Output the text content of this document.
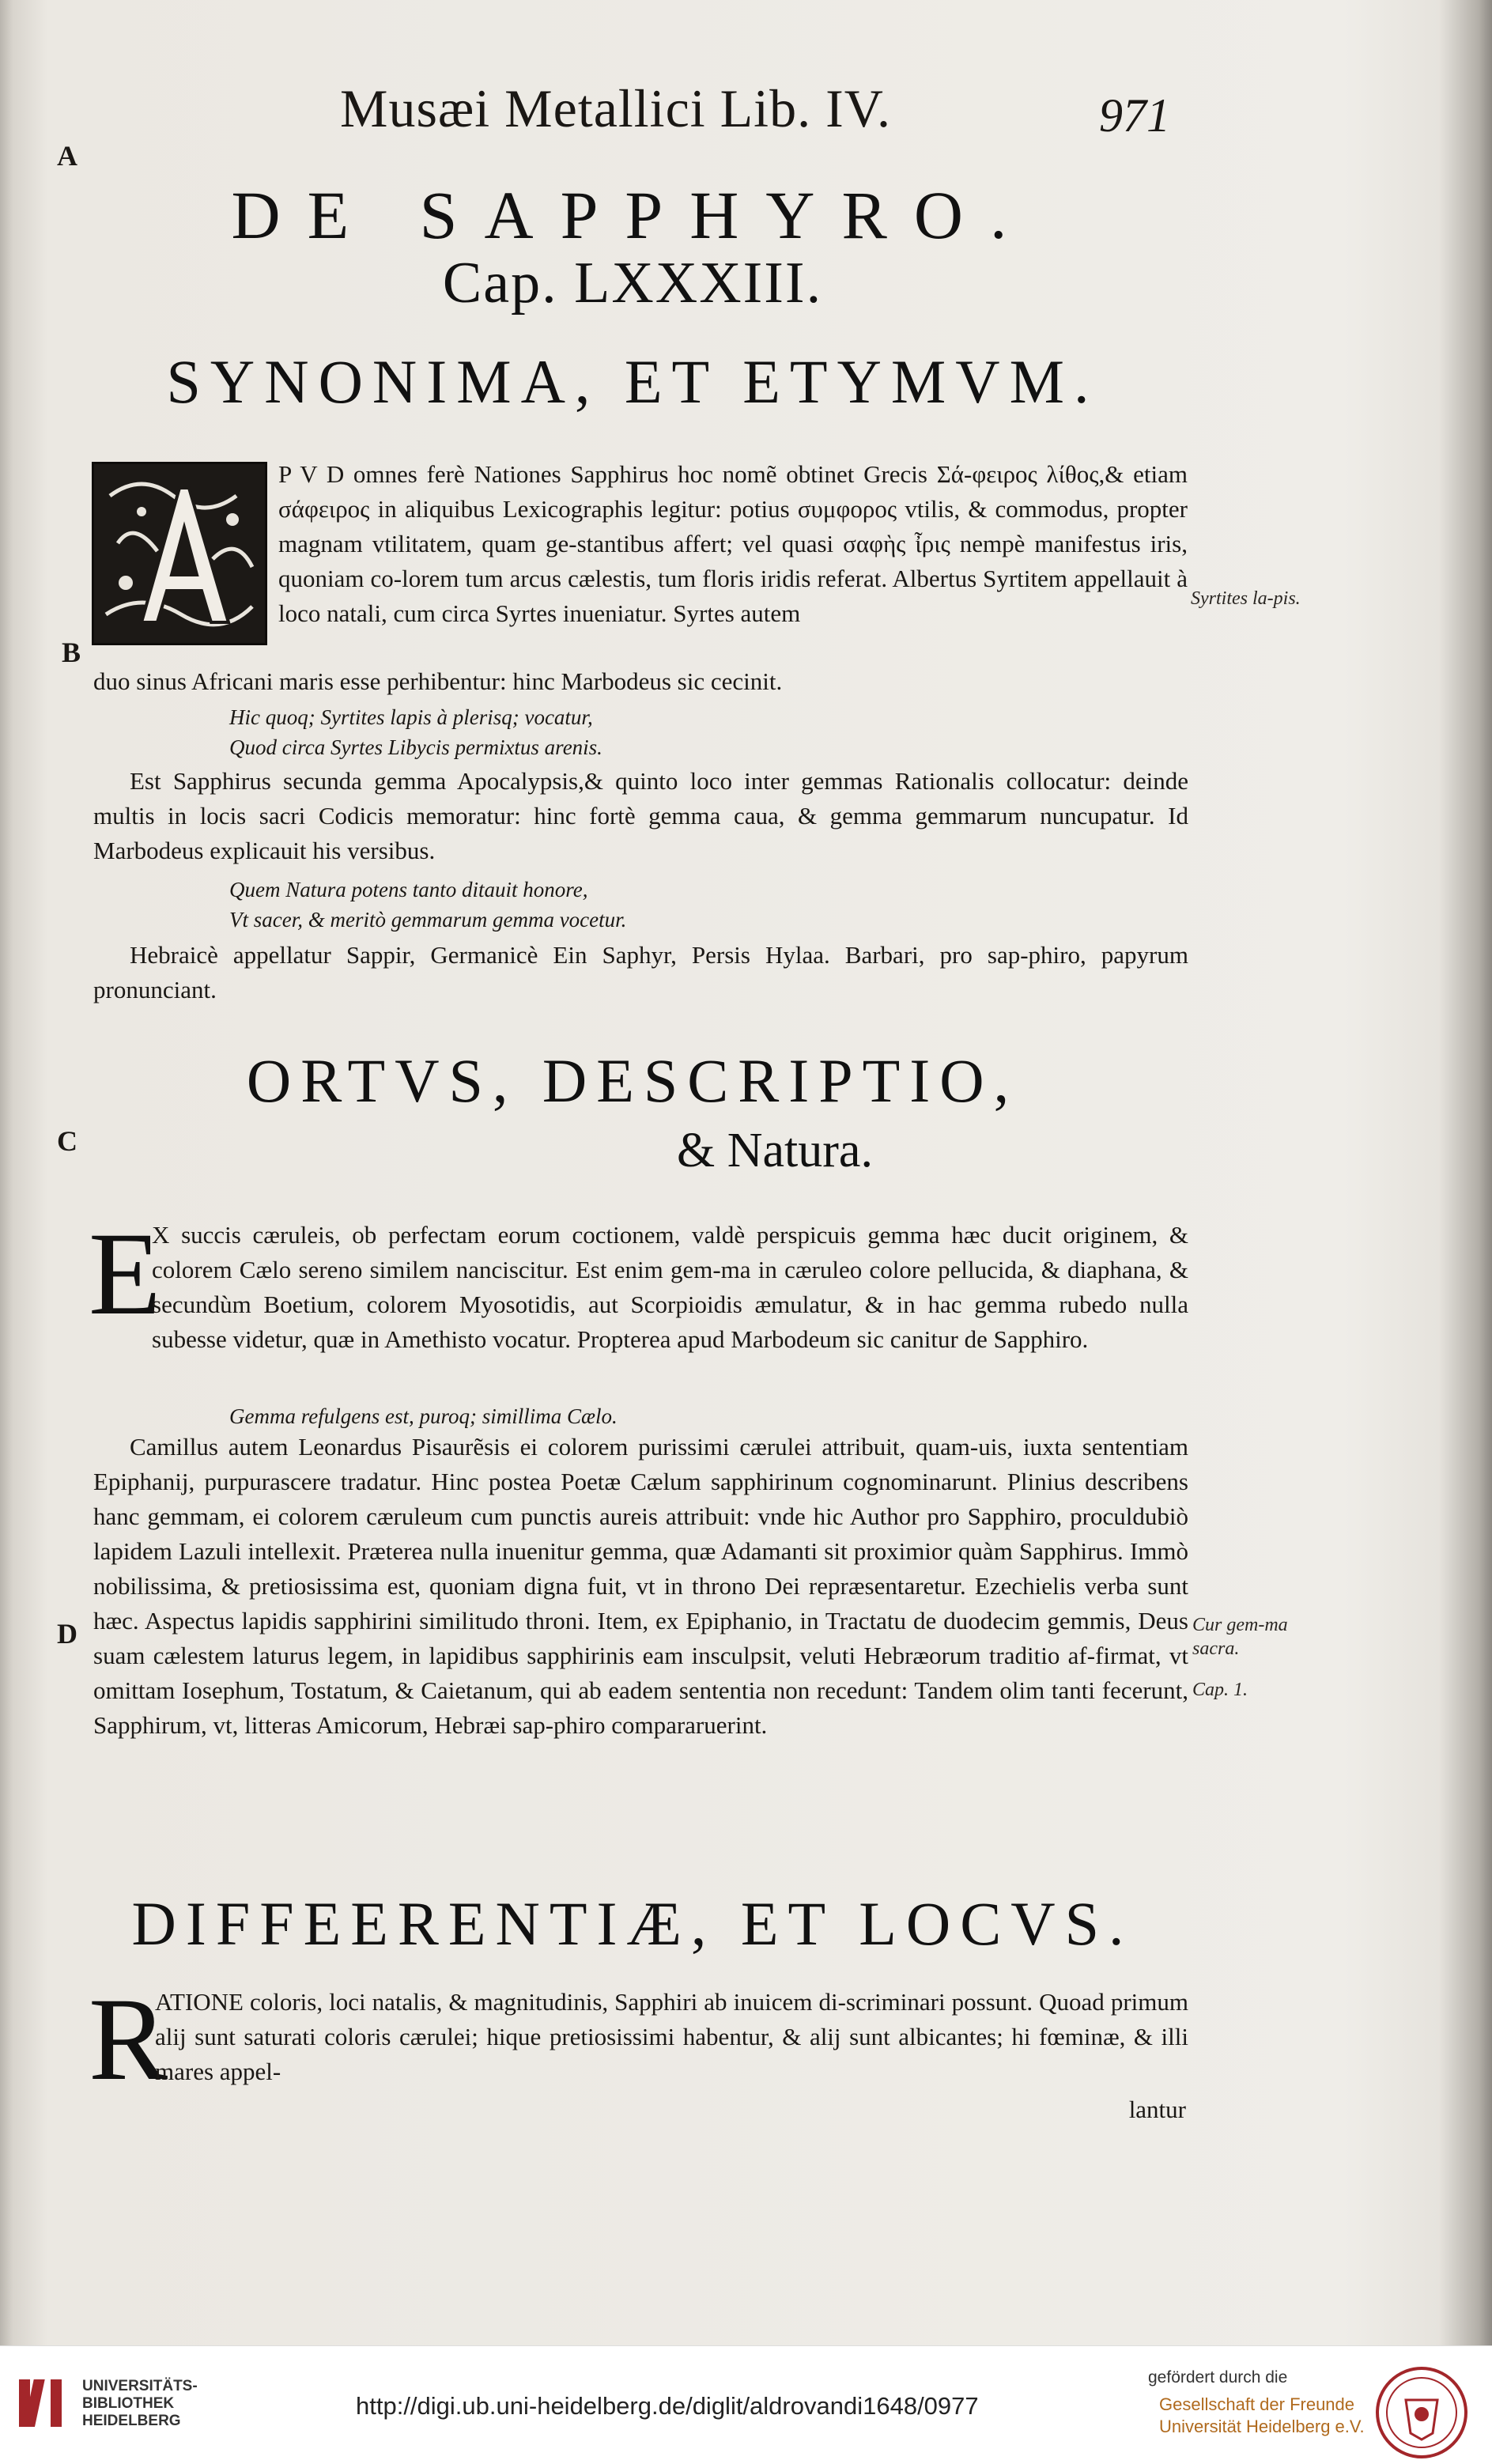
Musæi Metallici Lib. IV.	971
A
B
C
D
DE SAPPHYRO.
Cap. LXXXIII.
SYNONIMA, ET ETYMVM.
P V D omnes ferè Nationes Sapphirus hoc nomẽ obtinet Grecis Σά-φειρος λίθος,& etiam σάφειρος in aliquibus Lexicographis legitur: potius συμφορος vtilis, & commodus, propter magnam vtilitatem, quam ge-stantibus affert; vel quasi σαφὴς ἶρις nempè manifestus iris, quoniam co-lorem tum arcus cælestis, tum floris iridis referat. Albertus Syrtitem appellauit à loco natali, cum circa Syrtes inueniatur. Syrtes autem
duo sinus Africani maris esse perhibentur: hinc Marbodeus sic cecinit.
Hic quoq; Syrtites lapis à plerisq; vocatur,
Quod circa Syrtes Libycis permixtus arenis.
Est Sapphirus secunda gemma Apocalypsis,& quinto loco inter gemmas Rationalis collocatur: deinde multis in locis sacri Codicis memoratur: hinc fortè gemma caua, & gemma gemmarum nuncupatur. Id Marbodeus explicauit his versibus.
Quem Natura potens tanto ditauit honore,
Vt sacer, & meritò gemmarum gemma vocetur.
Hebraicè appellatur Sappir, Germanicè Ein Saphyr, Persis Hylaa. Barbari, pro sap-phiro, papyrum pronunciant.
ORTVS, DESCRIPTIO,
& Natura.
E
X succis cæruleis, ob perfectam eorum coctionem, valdè perspicuis gemma hæc ducit originem, & colorem Cælo sereno similem nanciscitur. Est enim gem-ma in cæruleo colore pellucida, & diaphana, & secundùm Boetium, colorem Myosotidis, aut Scorpioidis æmulatur, & in hac gemma rubedo nulla subesse videtur, quæ in Amethisto vocatur. Propterea apud Marbodeum sic canitur de Sapphiro.
Gemma refulgens est, puroq; simillima Cælo.
Camillus autem Leonardus Pisaurẽsis ei colorem purissimi cærulei attribuit, quam-uis, iuxta sententiam Epiphanij, purpurascere tradatur. Hinc postea Poetæ Cælum sapphirinum cognominarunt. Plinius describens hanc gemmam, ei colorem cæruleum cum punctis aureis attribuit: vnde hic Author pro Sapphiro, proculdubiò lapidem Lazuli intellexit. Præterea nulla inuenitur gemma, quæ Adamanti sit proximior quàm Sapphirus. Immò nobilissima, & pretiosissima est, quoniam digna fuit, vt in throno Dei repræsentaretur. Ezechielis verba sunt hæc. Aspectus lapidis sapphirini similitudo throni. Item, ex Epiphanio, in Tractatu de duodecim gemmis, Deus suam cælestem laturus legem, in lapidibus sapphirinis eam insculpsit, veluti Hebræorum traditio af-firmat, vt omittam Iosephum, Tostatum, & Caietanum, qui ab eadem sententia non recedunt: Tandem olim tanti fecerunt, Sapphirum, vt, litteras Amicorum, Hebræi sap-phiro compararuerint.
Syrtites la-pis.
Cur gem-ma sacra.
Cap. 1.
DIFFEERENTIÆ, ET LOCVS.
R
ATIONE coloris, loci natalis, & magnitudinis, Sapphiri ab inuicem di-scriminari possunt. Quoad primum alij sunt saturati coloris cærulei; hique pretiosissimi habentur, & alij sunt albicantes; hi fœminæ, & illi mares appel-
lantur
UNIVERSITÄTS-
BIBLIOTHEK
HEIDELBERG
http://digi.ub.uni-heidelberg.de/diglit/aldrovandi1648/0977
gefördert durch die
Gesellschaft der Freunde
Universität Heidelberg e.V.
